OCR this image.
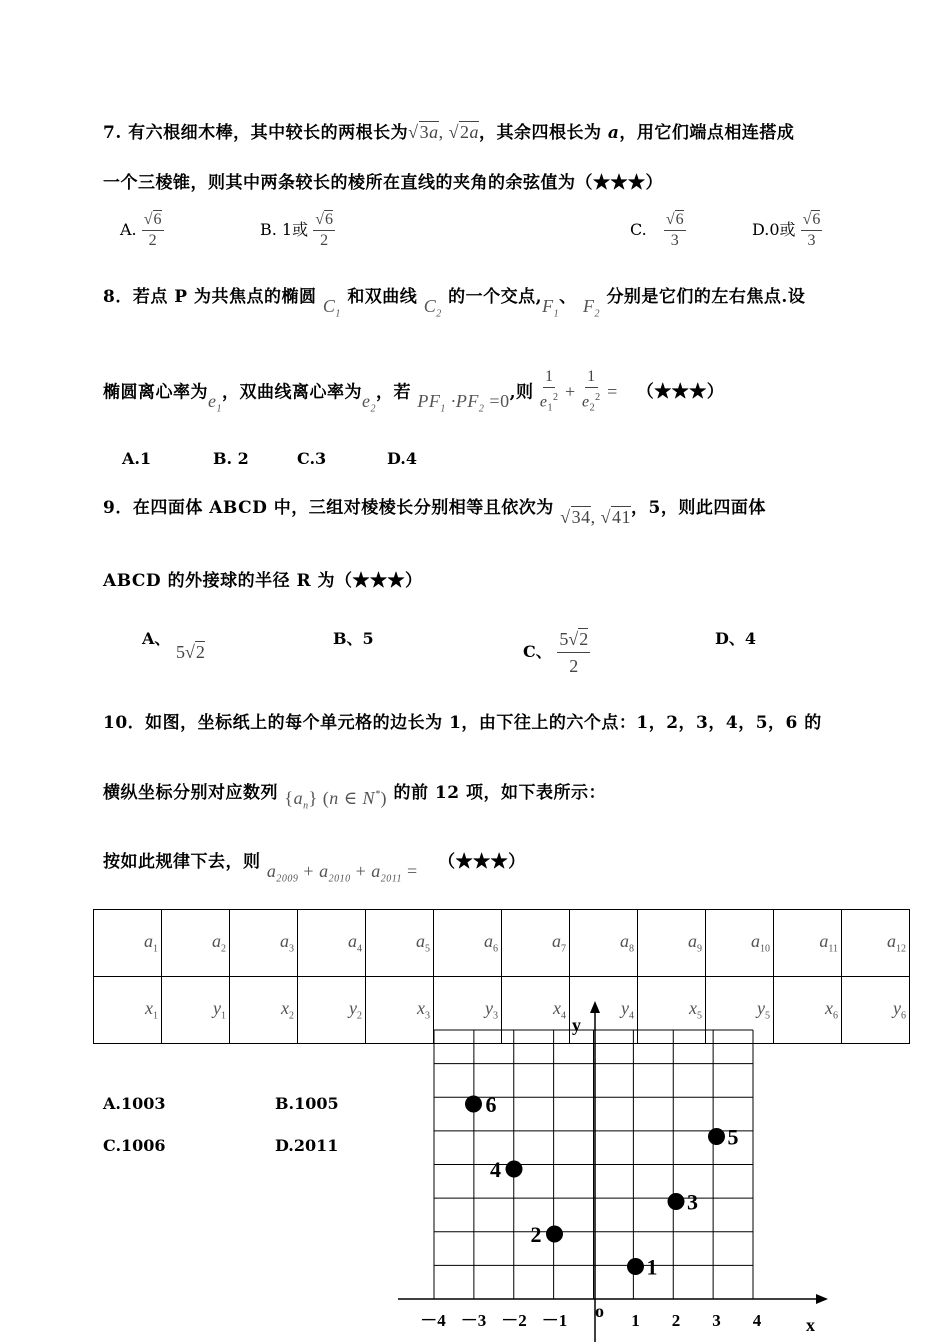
7. 有六根细木棒，其中较长的两根长为√3a, √2a，其余四根长为 a，用它们端点相连搭成
一个三棱锥，则其中两条较长的棱所在直线的夹角的余弦值为（★★★）
A. $\frac{√6}{2}$	B. 1或 $\frac{√6}{2}$	C. $\frac{√6}{3}$	D.0或 $\frac{√6}{3}$
8．若点 P 为共焦点的椭圆 $C_1$ 和双曲线 $C_2$ 的一个交点$,F_1$、 $F_2$ 分别是它们的左右焦点.设
椭圆离心率为$e_1$，双曲线离心率为$e_2$，若 $PF_1 \cdot PF_2 =0$,则 $\frac{1}{e_1^2} + \frac{1}{e_2^2}$ = （★★★）
A.1	B. 2	C.3	D.4
9．在四面体 ABCD 中，三组对棱棱长分别相等且依次为 √34, √41，5，则此四面体
ABCD 的外接球的半径 R 为（★★★）
A、 5√2
B、5
C、 $\frac{5√2}{2}$	D、4
10．如图，坐标纸上的每个单元格的边长为 1，由下往上的六个点：1，2，3，4，5，6 的
横纵坐标分别对应数列 $\{a_n\}$ (n ∈ N*) 的前 12 项，如下表所示：
按如此规律下去，则 $a_{2009} + a_{2010} + a_{2011}$ = （★★★）
$a_1$	$a_2$	$a_3$	$a_4$	$a_5$	$a_6$	$a_7$	$a_8$	$a_9$	$a_{10}$	$a_{11}$	$a_{12}$
$x_1$	$y_1$	$x_2$	$y_2$	$x_3$	$y_3$	$x_4$	$y_4$	$x_5$	$y_5$	$x_6$	$y_6$
A.1003	B.1005
C.1006	D.2011
x
y
o
－4 －3 －2 －1	1 2 3 4
1
2
3
4
5
6
